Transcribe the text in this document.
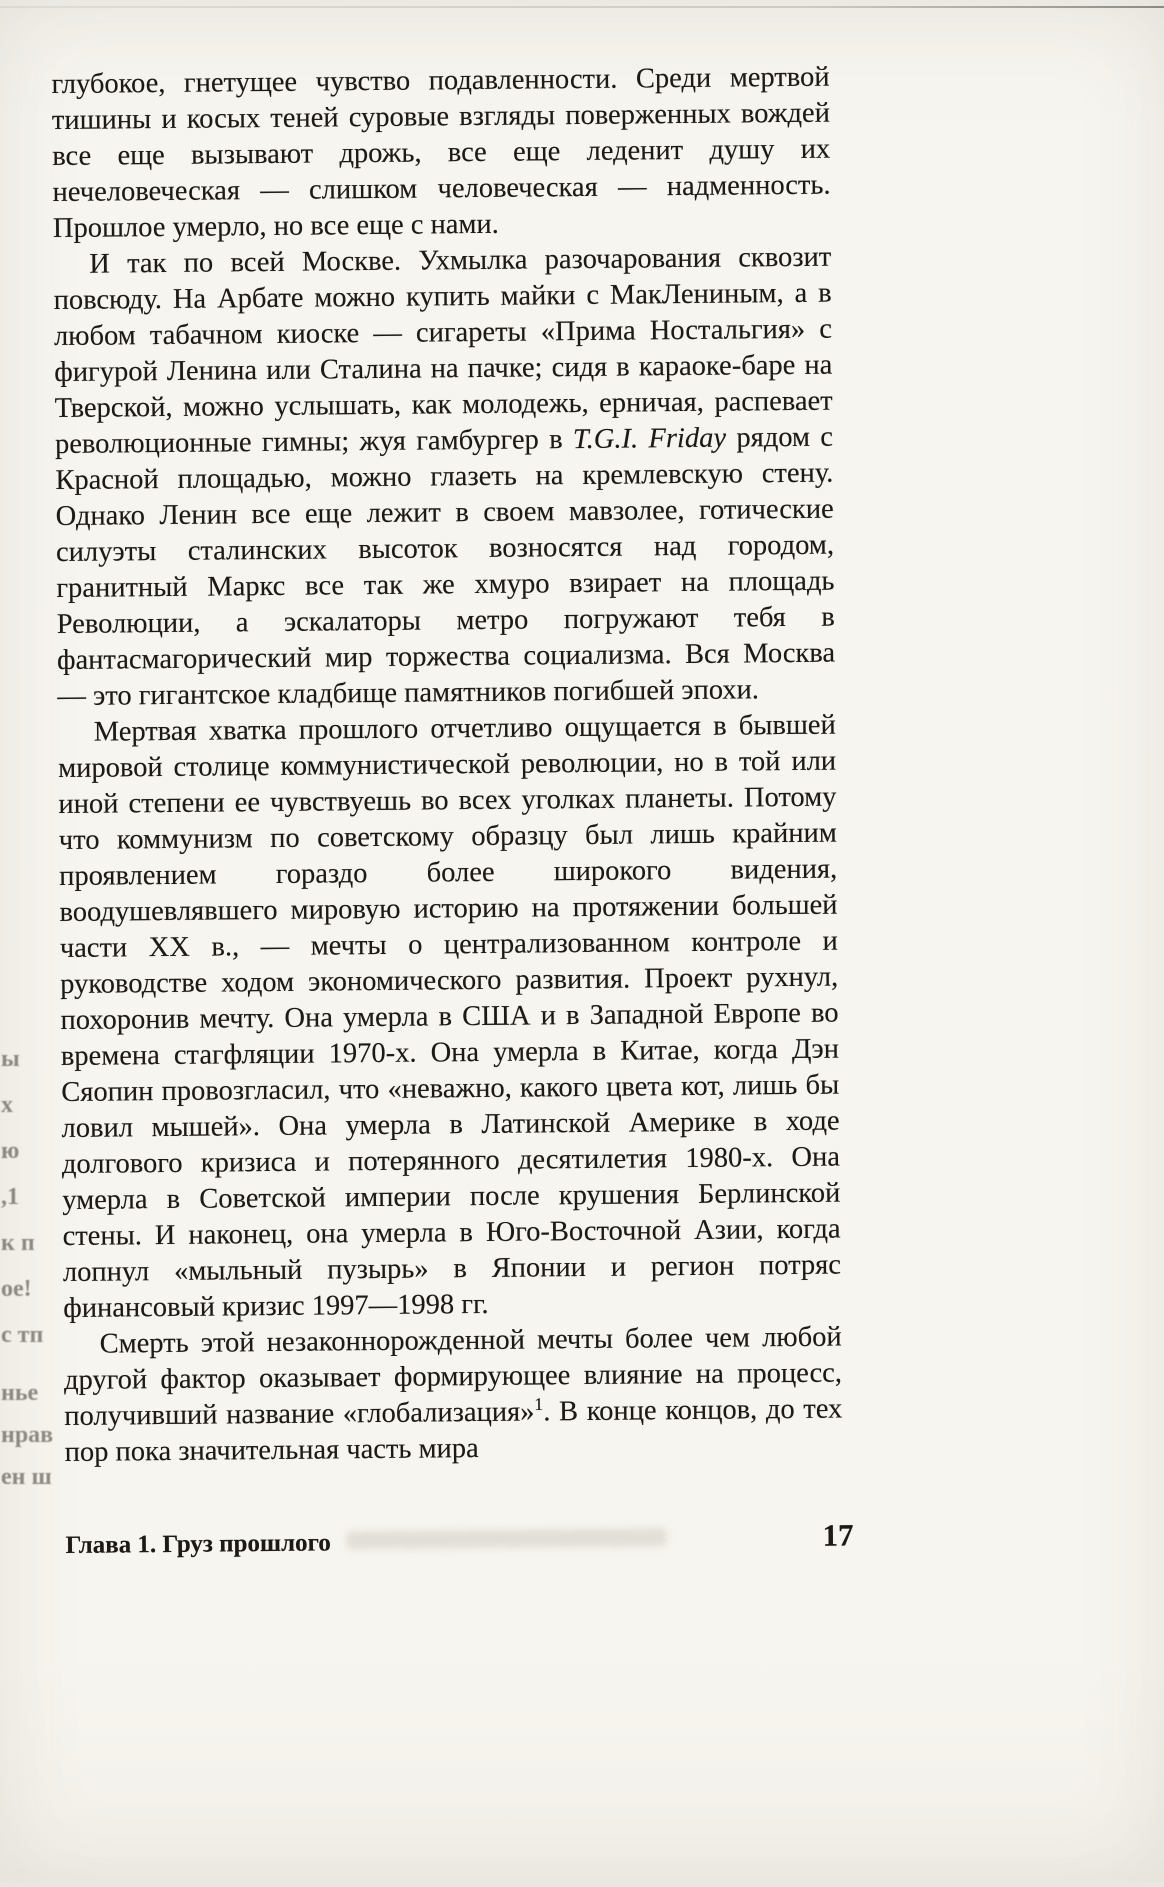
ы
х
ю
,1
к п
ое!
с тп
нье
нрав
ен ш

глубокое, гнетущее чувство подавленности. Среди мертвой тишины и косых теней суровые взгляды поверженных вождей все еще вызывают дрожь, все еще леденит душу их нечеловеческая — слишком человеческая — надменность. Прошлое умерло, но все еще с нами.

И так по всей Москве. Ухмылка разочарования сквозит повсюду. На Арбате можно купить майки с МакЛениным, а в любом табачном киоске — сигареты «Прима Ностальгия» с фигурой Ленина или Сталина на пачке; сидя в караоке-баре на Тверской, можно услышать, как молодежь, ерничая, распевает революционные гимны; жуя гамбургер в T.G.I. Friday рядом с Красной площадью, можно глазеть на кремлевскую стену. Однако Ленин все еще лежит в своем мавзолее, готические силуэты сталинских высоток возносятся над городом, гранитный Маркс все так же хмуро взирает на площадь Революции, а эскалаторы метро погружают тебя в фантасмагорический мир торжества социализма. Вся Москва — это гигантское кладбище памятников погибшей эпохи.

Мертвая хватка прошлого отчетливо ощущается в бывшей мировой столице коммунистической революции, но в той или иной степени ее чувствуешь во всех уголках планеты. Потому что коммунизм по советскому образцу был лишь крайним проявлением гораздо более широкого видения, воодушевлявшего мировую историю на протяжении большей части XX в., — мечты о централизованном контроле и руководстве ходом экономического развития. Проект рухнул, похоронив мечту. Она умерла в США и в Западной Европе во времена стагфляции 1970-х. Она умерла в Китае, когда Дэн Сяопин провозгласил, что «неважно, какого цвета кот, лишь бы ловил мышей». Она умерла в Латинской Америке в ходе долгового кризиса и потерянного десятилетия 1980-х. Она умерла в Советской империи после крушения Берлинской стены. И наконец, она умерла в Юго-Восточной Азии, когда лопнул «мыльный пузырь» в Японии и регион потряс финансовый кризис 1997—1998 гг.

Смерть этой незаконнорожденной мечты более чем любой другой фактор оказывает формирующее влияние на процесс, получивший название «глобализация»$^1$. В конце концов, до тех пор пока значительная часть мира

Глава 1. Груз прошлого	17
